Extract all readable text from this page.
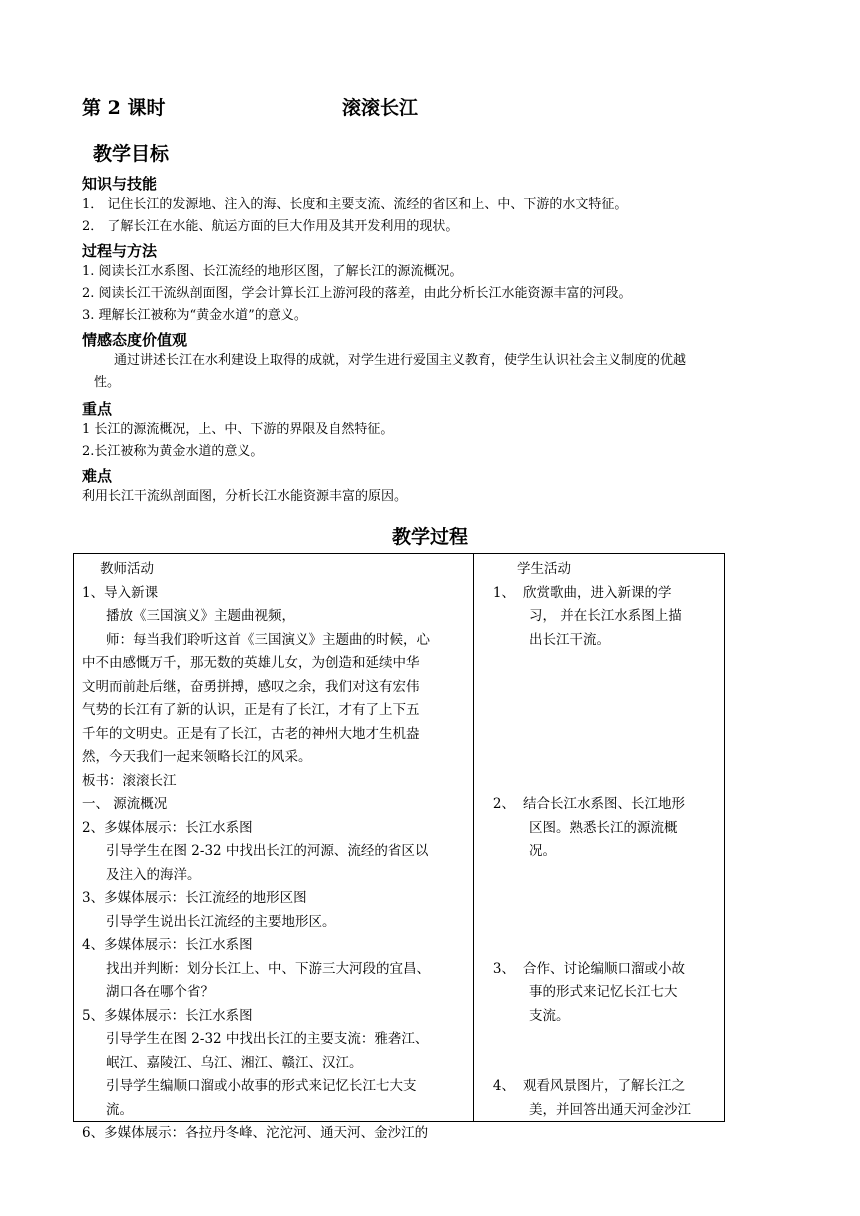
第 2 课时	滚滚长江
教学目标
知识与技能
1． 记住长江的发源地、注入的海、长度和主要支流、流经的省区和上、中、下游的水文特征。
2． 了解长江在水能、航运方面的巨大作用及其开发利用的现状。
过程与方法
1. 阅读长江水系图、长江流经的地形区图，了解长江的源流概况。
2. 阅读长江干流纵剖面图，学会计算长江上游河段的落差，由此分析长江水能资源丰富的河段。
3. 理解长江被称为“黄金水道”的意义。
情感态度价值观
通过讲述长江在水利建设上取得的成就，对学生进行爱国主义教育，使学生认识社会主义制度的优越
性。
重点
1 长江的源流概况，上、中、下游的界限及自然特征。
2.长江被称为黄金水道的意义。
难点
利用长江干流纵剖面图，分析长江水能资源丰富的原因。
教学过程
教师活动
1、导入新课
播放《三国演义》主题曲视频，
师：每当我们聆听这首《三国演义》主题曲的时候，心
中不由感慨万千，那无数的英雄儿女，为创造和延续中华
文明而前赴后继，奋勇拼搏，感叹之余，我们对这有宏伟
气势的长江有了新的认识，正是有了长江，才有了上下五
千年的文明史。正是有了长江，古老的神州大地才生机盎
然，今天我们一起来领略长江的风采。
板书：滚滚长江
一、 源流概况
2、多媒体展示：长江水系图
引导学生在图 2-32 中找出长江的河源、流经的省区以
及注入的海洋。
3、多媒体展示：长江流经的地形区图
引导学生说出长江流经的主要地形区。
4、多媒体展示：长江水系图
找出并判断：划分长江上、中、下游三大河段的宜昌、
湖口各在哪个省？
5、多媒体展示：长江水系图
引导学生在图 2-32 中找出长江的主要支流：雅砻江、
岷江、嘉陵江、乌江、湘江、赣江、汉江。
引导学生编顺口溜或小故事的形式来记忆长江七大支
流。
6、多媒体展示：各拉丹冬峰、沱沱河、通天河、金沙江的
学生活动
1、 欣赏歌曲，进入新课的学
习， 并在长江水系图上描
出长江干流。

2、 结合长江水系图、长江地形
区图。熟悉长江的源流概
况。

3、 合作、讨论编顺口溜或小故
事的形式来记忆长江七大
支流。

4、 观看风景图片，了解长江之
美，并回答出通天河金沙江
